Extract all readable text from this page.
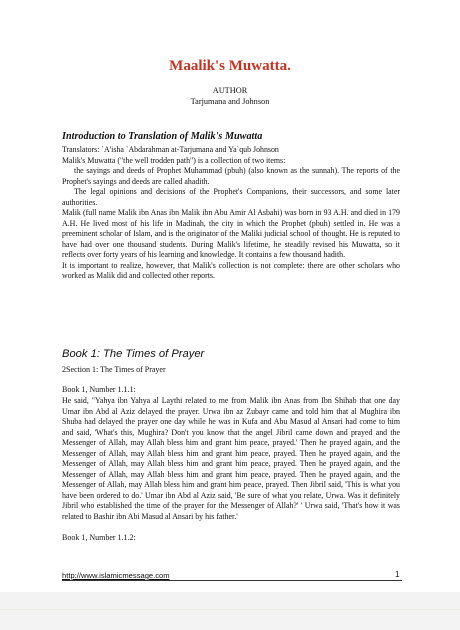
Maalik's Muwatta.
AUTHOR
Tarjumana and Johnson
Introduction to Translation of Malik's Muwatta

Translators: `A'isha `Abdarahman at-Tarjumana and Ya`qub Johnson

Malik's Muwatta ("the well trodden path") is a collection of two items:

the sayings and deeds of Prophet Muhammad (pbuh) (also known as the sunnah). The reports of the Prophet's sayings and deeds are called ahadith.

The legal opinions and decisions of the Prophet's Companions, their successors, and some later authorities.

Malik (full name Malik ibn Anas ibn Malik ibn Abu Amir Al Asbahi) was born in 93 A.H. and died in 179 A.H. He lived most of his life in Madinah, the city in which the Prophet (pbuh) settled in. He was a preeminent scholar of Islam, and is the originator of the Maliki judicial school of thought. He is reputed to have had over one thousand students. During Malik's lifetime, he steadily revised his Muwatta, so it reflects over forty years of his learning and knowledge. It contains a few thousand hadith.

It is important to realize, however, that Malik's collection is not complete: there are other scholars who worked as Malik did and collected other reports.

Book 1: The Times of Prayer
2Section 1: The Times of Prayer
Book 1, Number 1.1.1:

He said, "Yahya ibn Yahya al Laythi related to me from Malik ibn Anas from Ibn Shihab that one day Umar ibn Abd al Aziz delayed the prayer. Urwa ibn az Zubayr came and told him that al Mughira ibn Shuba had delayed the prayer one day while he was in Kufa and Abu Masud al Ansari had come to him and said, 'What's this, Mughira? Don't you know that the angel Jibril came down and prayed and the Messenger of Allah, may Allah bless him and grant him peace, prayed.' Then he prayed again, and the Messenger of Allah, may Allah bless him and grant him peace, prayed. Then he prayed again, and the Messenger of Allah, may Allah bless him and grant him peace, prayed. Then he prayed again, and the Messenger of Allah, may Allah bless him and grant him peace, prayed. Then he prayed again, and the Messenger of Allah, may Allah bless him and grant him peace, prayed. Then Jibril said, 'This is what you have been ordered to do.' Umar ibn Abd al Aziz said, 'Be sure of what you relate, Urwa. Was it definitely Jibril who established the time of the prayer for the Messenger of Allah?' ' Urwa said, 'That's how it was related to Bashir ibn Abi Masud al Ansari by his father.'

Book 1, Number 1.1.2:
http://www.islamicmessage.com	1
